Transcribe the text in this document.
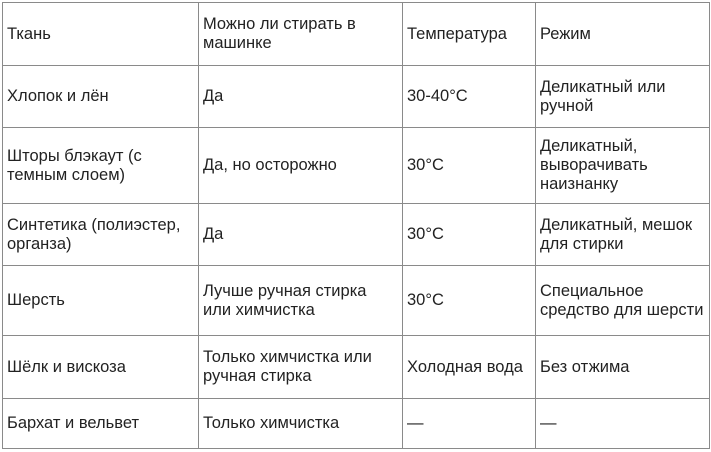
Ткань	Можно ли стирать в машинке	Температура	Режим
Хлопок и лён	Да	30-40°C	Деликатный или ручной
Шторы блэкаут (с темным слоем)	Да, но осторожно	30°C	Деликатный, выворачивать наизнанку
Синтетика (полиэстер, органза)	Да	30°C	Деликатный, мешок для стирки
Шерсть	Лучше ручная стирка или химчистка	30°C	Специальное средство для шерсти
Шёлк и вискоза	Только химчистка или ручная стирка	Холодная вода	Без отжима
Бархат и вельвет	Только химчистка	—	—
